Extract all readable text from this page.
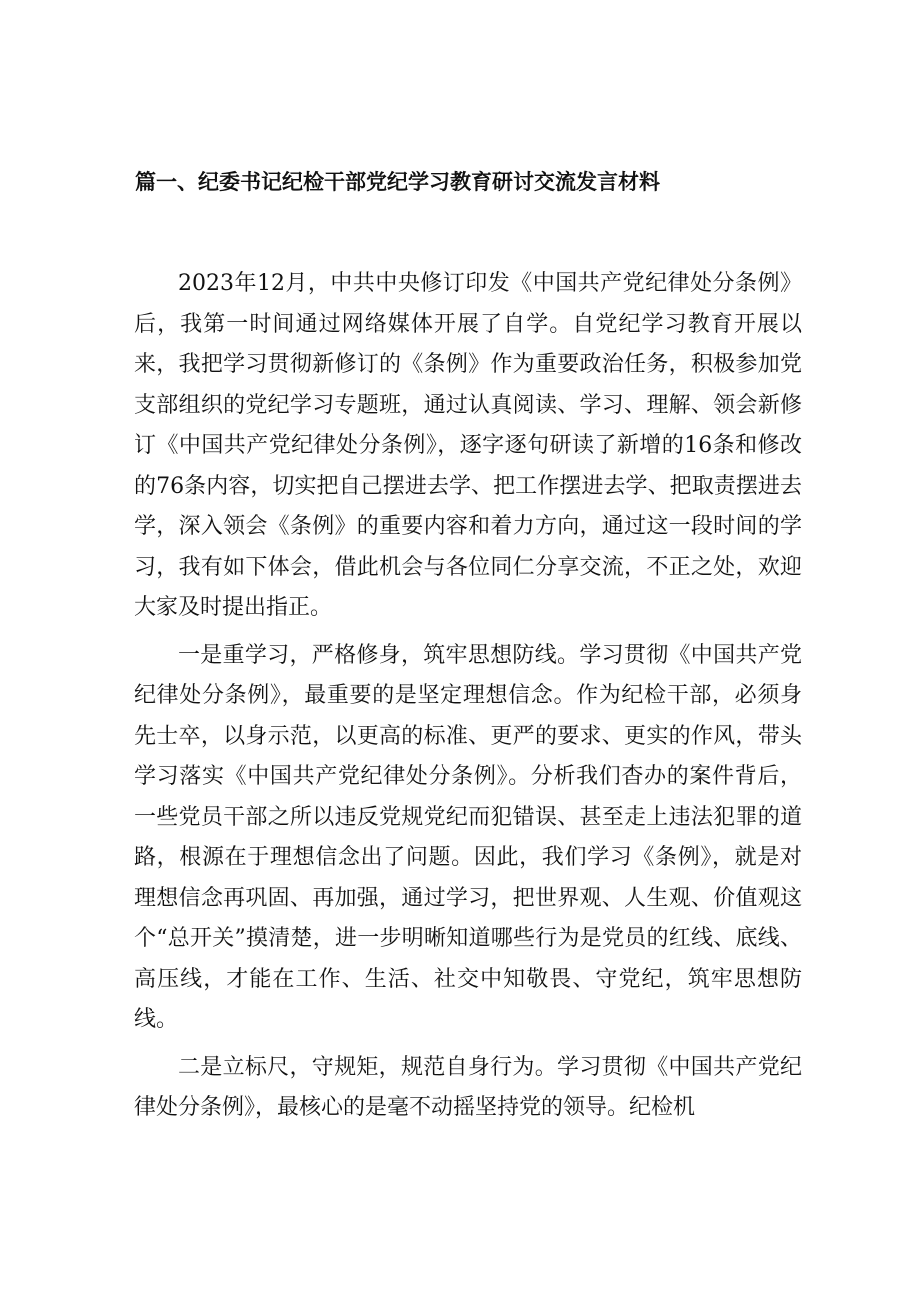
篇一、纪委书记纪检干部党纪学习教育研讨交流发言材料

2023年12月，中共中央修订印发《中国共产党纪律处分条例》后，我第一时间通过网络媒体开展了自学。自党纪学习教育开展以来，我把学习贯彻新修订的《条例》作为重要政治任务，积极参加党支部组织的党纪学习专题班，通过认真阅读、学习、理解、领会新修订《中国共产党纪律处分条例》，逐字逐句研读了新增的16条和修改的76条内容，切实把自己摆进去学、把工作摆进去学、把取责摆进去学，深入领会《条例》的重要内容和着力方向，通过这一段时间的学习，我有如下体会，借此机会与各位同仁分享交流，不正之处，欢迎大家及时提出指正。

一是重学习，严格修身，筑牢思想防线。学习贯彻《中国共产党纪律处分条例》，最重要的是坚定理想信念。作为纪检干部，必须身先士卒，以身示范，以更高的标准、更严的要求、更实的作风，带头学习落实《中国共产党纪律处分条例》。分析我们杳办的案件背后，一些党员干部之所以违反党规党纪而犯错误、甚至走上违法犯罪的道路，根源在于理想信念出了问题。因此，我们学习《条例》，就是对理想信念再巩固、再加强，通过学习，把世界观、人生观、价值观这个“总开关”摸清楚，进一步明晰知道哪些行为是党员的红线、底线、高压线，才能在工作、生活、社交中知敬畏、守党纪，筑牢思想防线。

二是立标尺，守规矩，规范自身行为。学习贯彻《中国共产党纪律处分条例》，最核心的是毫不动摇坚持党的领导。纪检机
